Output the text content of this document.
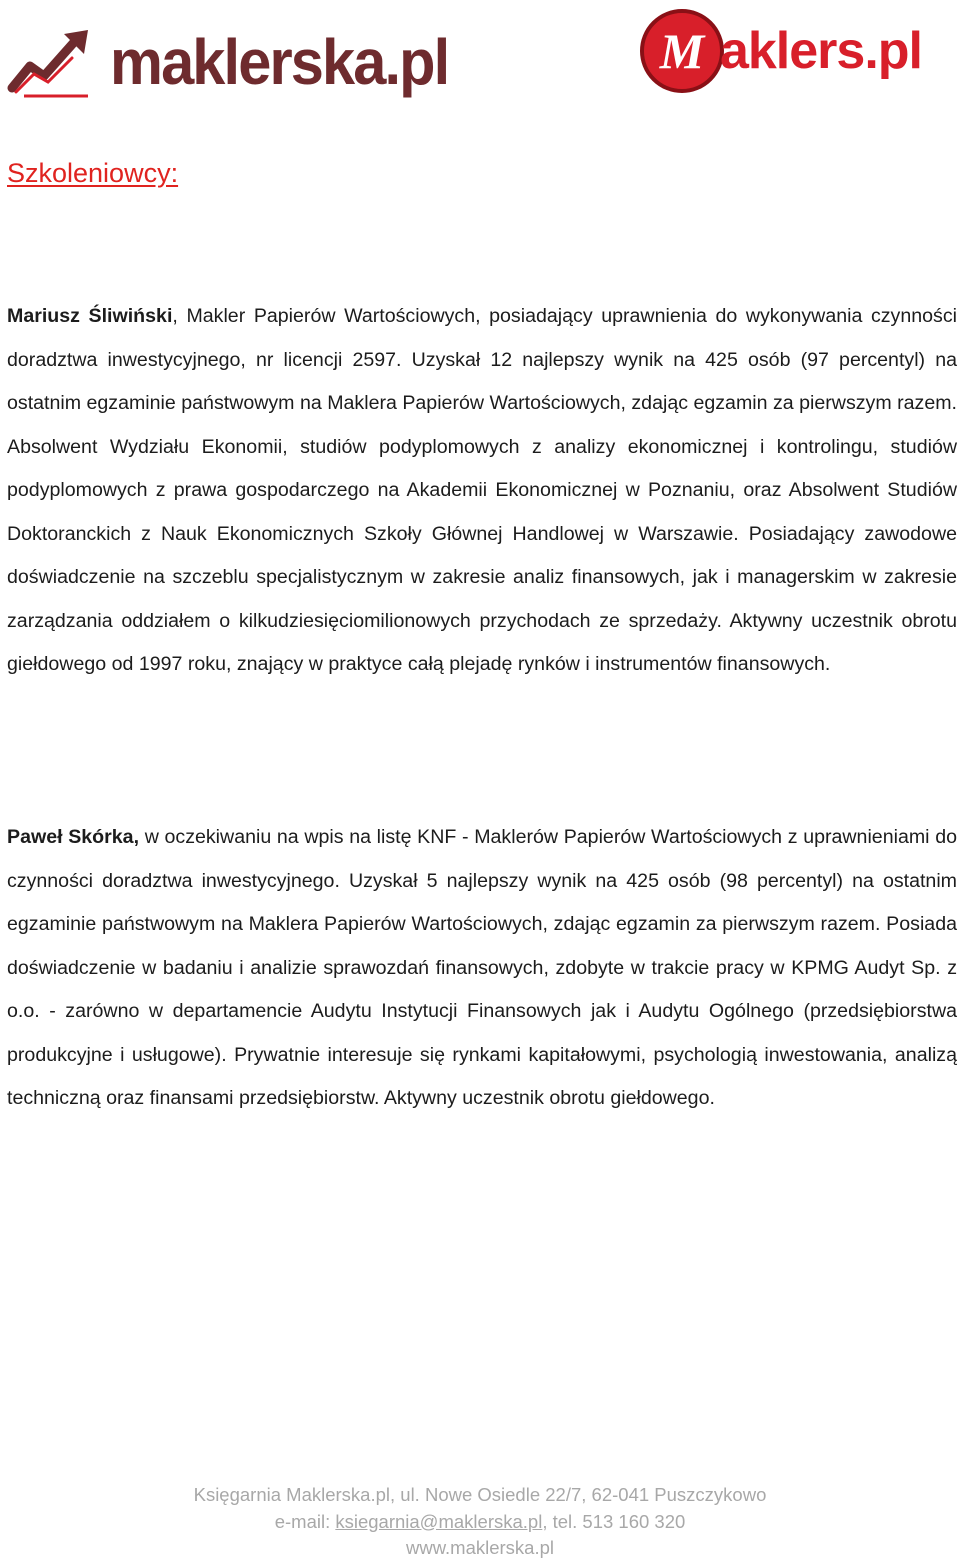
maklerska.pl	M aklers.pl
Szkoleniowcy:

Mariusz Śliwiński, Makler Papierów Wartościowych, posiadający uprawnienia do wykonywania czynności doradztwa inwestycyjnego, nr licencji 2597. Uzyskał 12 najlepszy wynik na 425 osób (97 percentyl) na ostatnim egzaminie państwowym na Maklera Papierów Wartościowych, zdając egzamin za pierwszym razem. Absolwent Wydziału Ekonomii, studiów podyplomowych z analizy ekonomicznej i kontrolingu, studiów podyplomowych z prawa gospodarczego na Akademii Ekonomicznej w Poznaniu, oraz Absolwent Studiów Doktoranckich z Nauk Ekonomicznych Szkoły Głównej Handlowej w Warszawie. Posiadający zawodowe doświadczenie na szczeblu specjalistycznym w zakresie analiz finansowych, jak i managerskim w zakresie zarządzania oddziałem o kilkudziesięciomilionowych przychodach ze sprzedaży. Aktywny uczestnik obrotu giełdowego od 1997 roku, znający w praktyce całą plejadę rynków i instrumentów finansowych.

Paweł Skórka, w oczekiwaniu na wpis na listę KNF - Maklerów Papierów Wartościowych z uprawnieniami do czynności doradztwa inwestycyjnego. Uzyskał 5 najlepszy wynik na 425 osób (98 percentyl) na ostatnim egzaminie państwowym na Maklera Papierów Wartościowych, zdając egzamin za pierwszym razem. Posiada doświadczenie w badaniu i analizie sprawozdań finansowych, zdobyte w trakcie pracy w KPMG Audyt Sp. z o.o. - zarówno w departamencie Audytu Instytucji Finansowych jak i Audytu Ogólnego (przedsiębiorstwa produkcyjne i usługowe). Prywatnie interesuje się rynkami kapitałowymi, psychologią inwestowania, analizą techniczną oraz finansami przedsiębiorstw. Aktywny uczestnik obrotu giełdowego.

Księgarnia Maklerska.pl, ul. Nowe Osiedle 22/7, 62-041 Puszczykowo
e-mail: ksiegarnia@maklerska.pl, tel. 513 160 320
www.maklerska.pl
